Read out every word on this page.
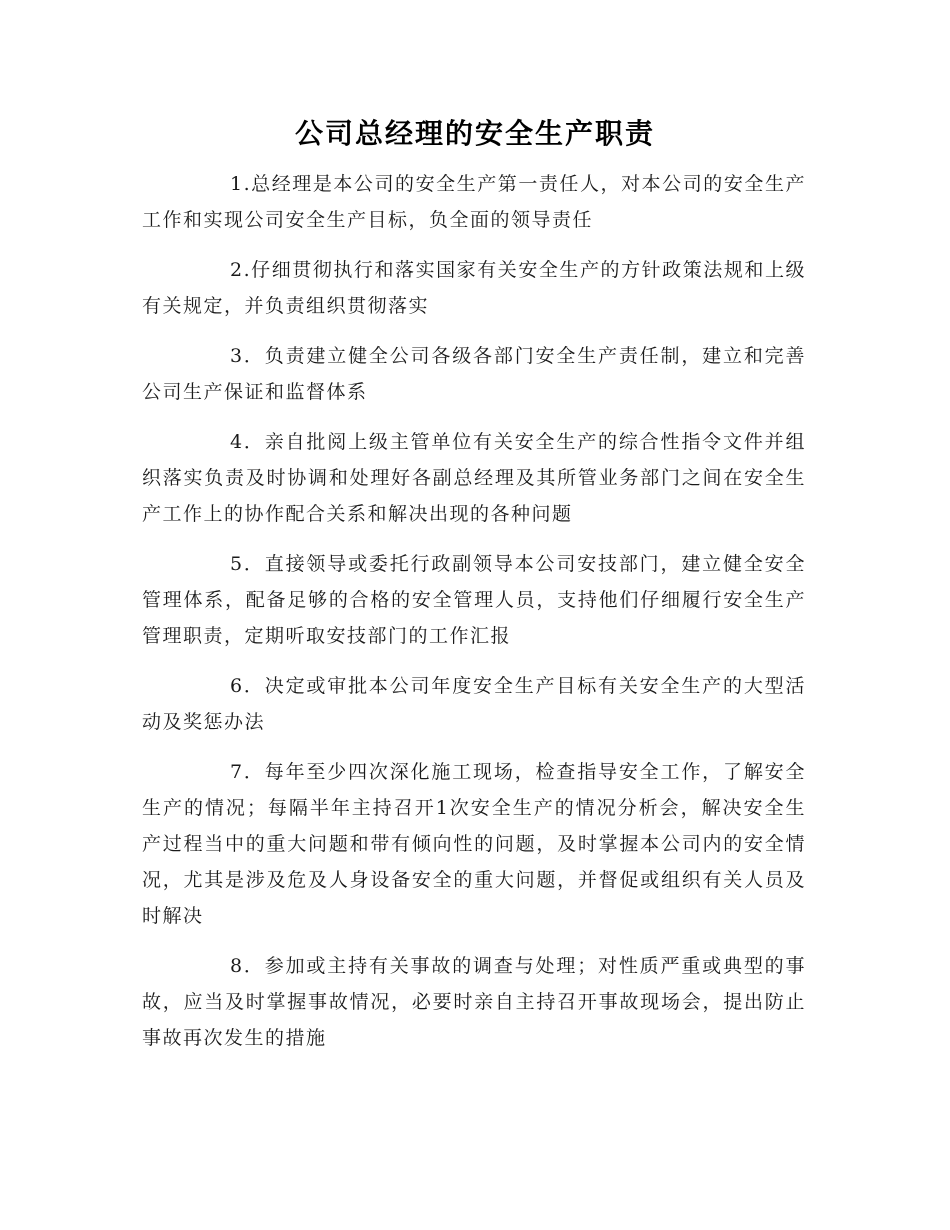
公司总经理的安全生产职责

1.总经理是本公司的安全生产第一责任人，对本公司的安全生产工作和实现公司安全生产目标，负全面的领导责任

2.仔细贯彻执行和落实国家有关安全生产的方针政策法规和上级有关规定，并负责组织贯彻落实

3．负责建立健全公司各级各部门安全生产责任制，建立和完善公司生产保证和监督体系

4．亲自批阅上级主管单位有关安全生产的综合性指令文件并组织落实负责及时协调和处理好各副总经理及其所管业务部门之间在安全生产工作上的协作配合关系和解决出现的各种问题

5．直接领导或委托行政副领导本公司安技部门，建立健全安全管理体系，配备足够的合格的安全管理人员，支持他们仔细履行安全生产管理职责，定期听取安技部门的工作汇报

6．决定或审批本公司年度安全生产目标有关安全生产的大型活动及奖惩办法

7．每年至少四次深化施工现场，检查指导安全工作，了解安全生产的情况；每隔半年主持召开1次安全生产的情况分析会，解决安全生产过程当中的重大问题和带有倾向性的问题，及时掌握本公司内的安全情况，尤其是涉及危及人身设备安全的重大问题，并督促或组织有关人员及时解决

8．参加或主持有关事故的调查与处理；对性质严重或典型的事故，应当及时掌握事故情况，必要时亲自主持召开事故现场会，提出防止事故再次发生的措施
